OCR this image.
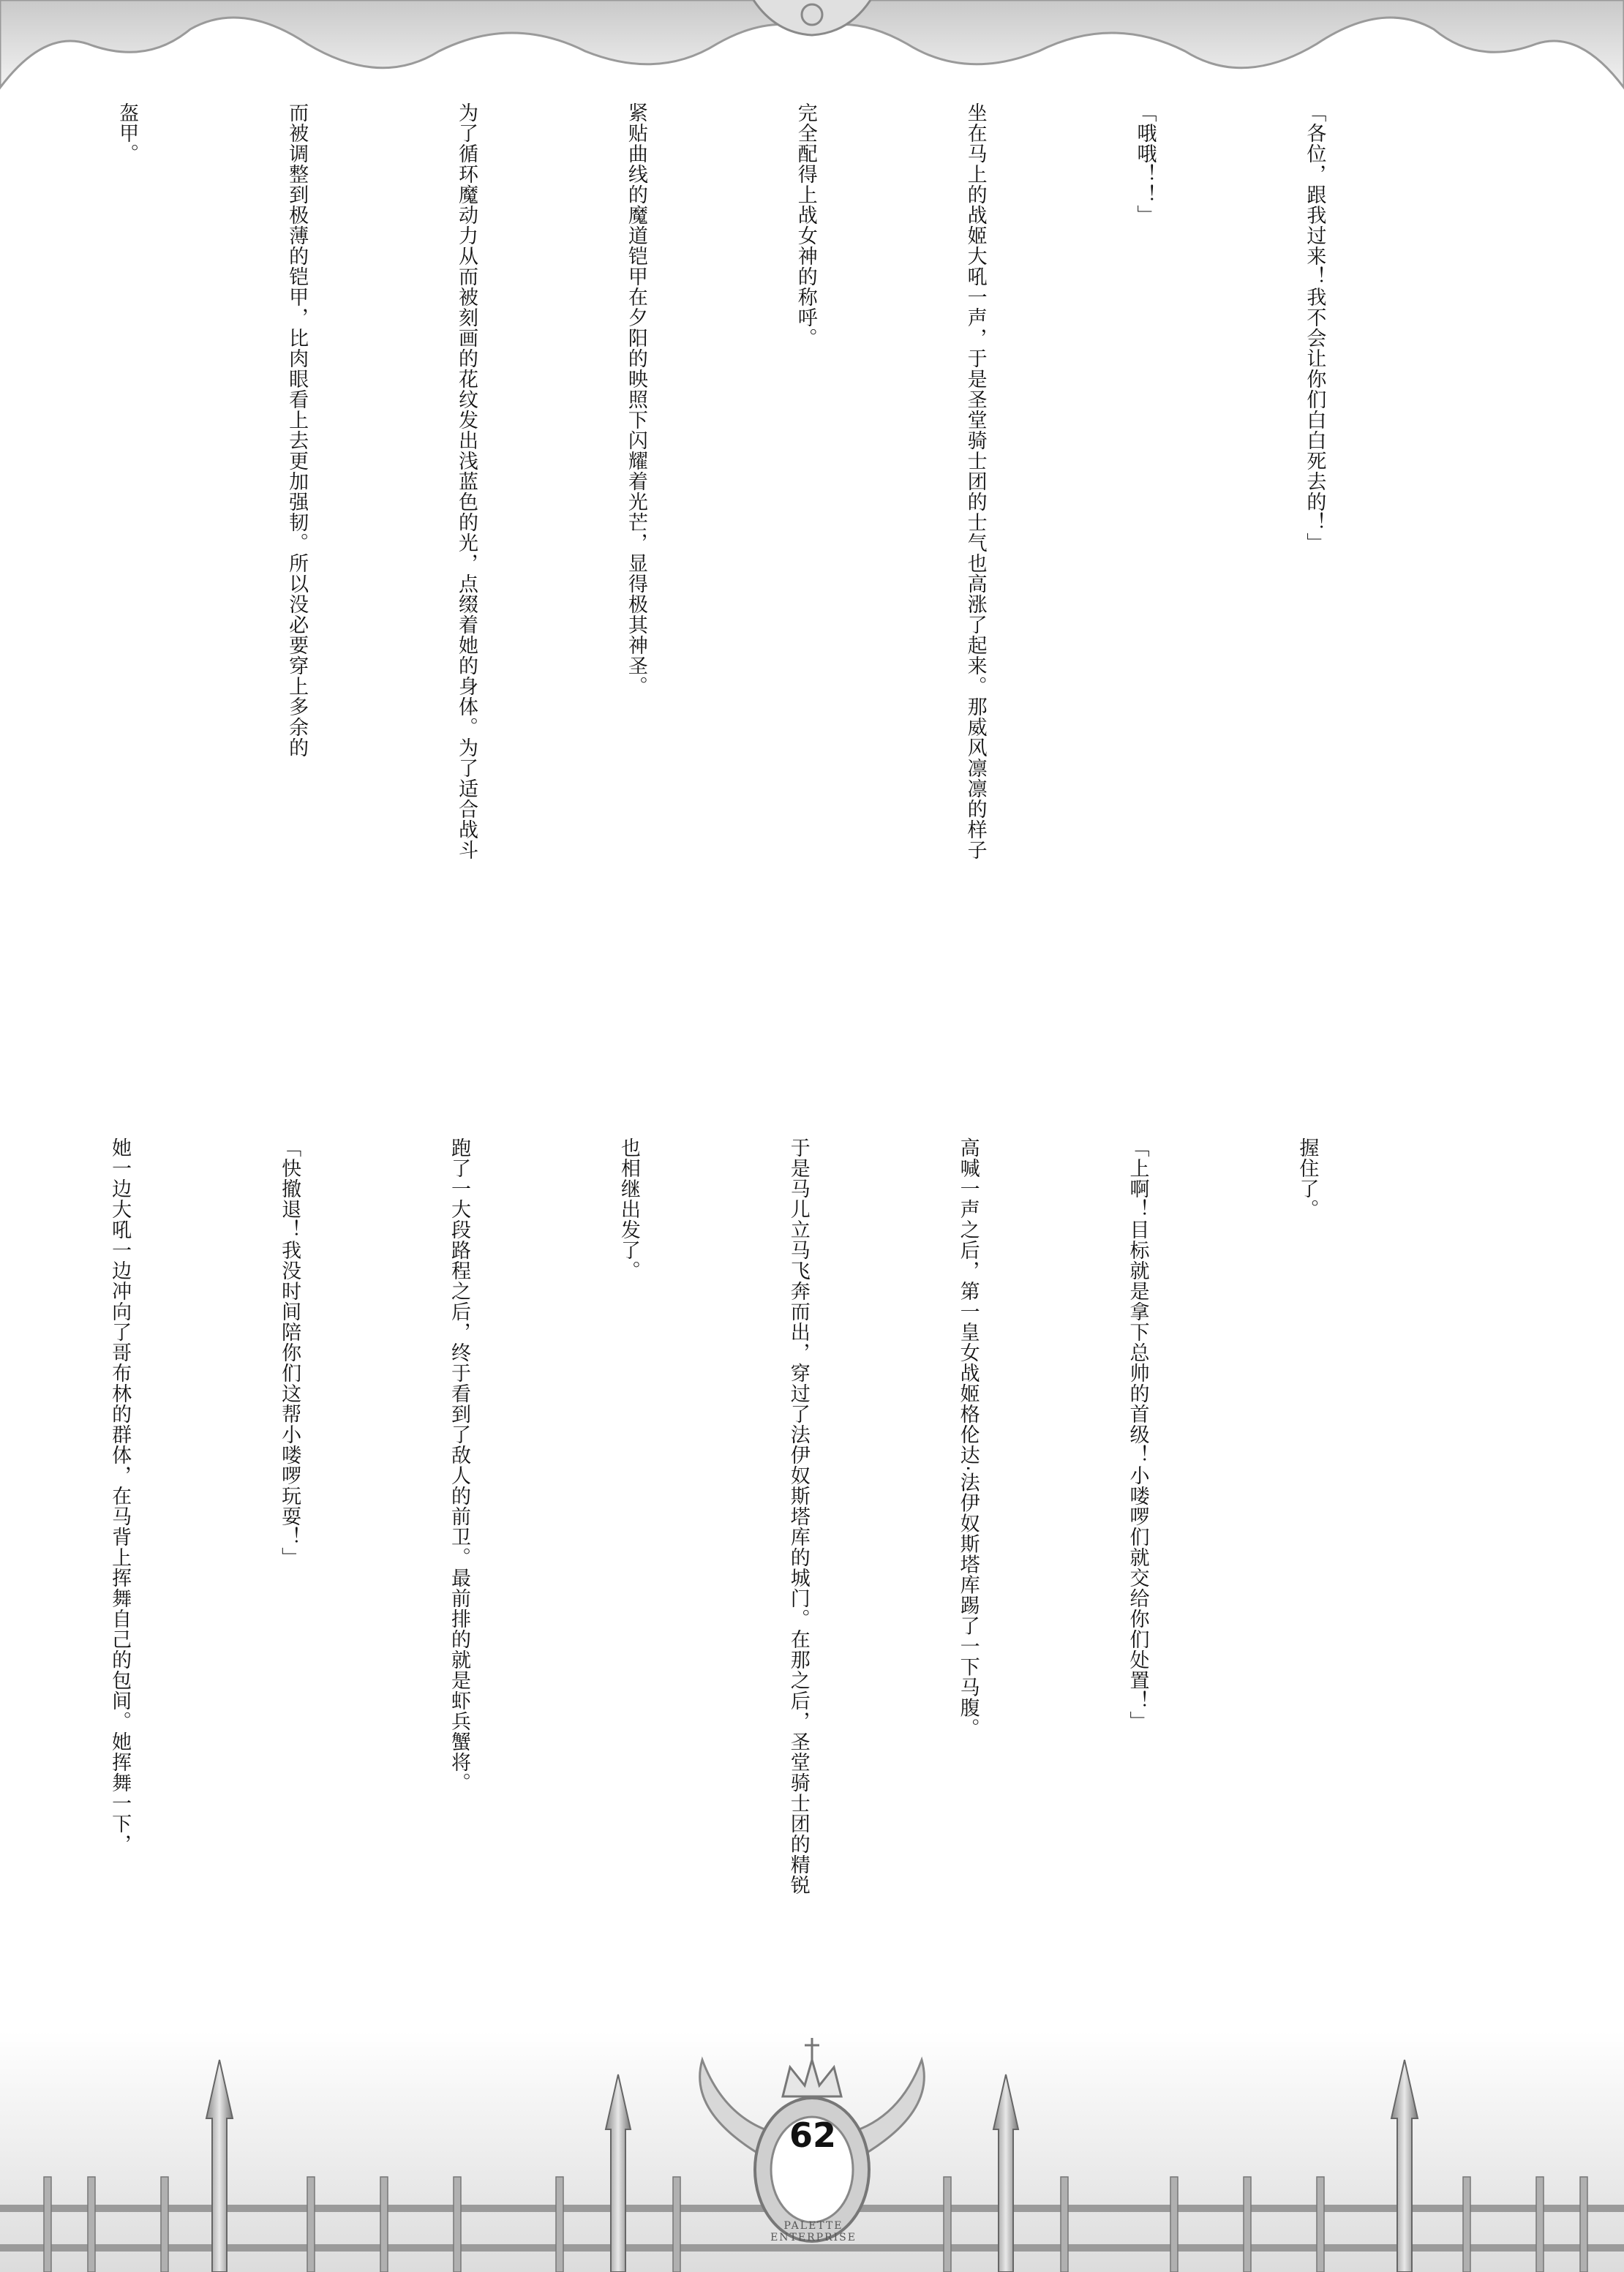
「各位，跟我过来！我不会让你们白白死去的！」

「哦哦！！」

坐在马上的战姬大吼一声，于是圣堂骑士团的士气也高涨了起来。那威风凛凛的样子

完全配得上战女神的称呼。

紧贴曲线的魔道铠甲在夕阳的映照下闪耀着光芒，显得极其神圣。

为了循环魔动力从而被刻画的花纹发出浅蓝色的光，点缀着她的身体。为了适合战斗

而被调整到极薄的铠甲，比肉眼看上去更加强韧。所以没必要穿上多余的

盔甲。

握住了。

「上啊！目标就是拿下总帅的首级！小喽啰们就交给你们处置！」

高喊一声之后，第一皇女战姬格伦达·法伊奴斯塔库踢了一下马腹。

于是马儿立马飞奔而出，穿过了法伊奴斯塔库的城门。在那之后，圣堂骑士团的精锐

也相继出发了。

跑了一大段路程之后，终于看到了敌人的前卫。最前排的就是虾兵蟹将。

「快撤退！我没时间陪你们这帮小喽啰玩耍！」

她一边大吼一边冲向了哥布林的群体，在马背上挥舞自己的包间。她挥舞一下，

62
PALETTE ENTERPRISE
